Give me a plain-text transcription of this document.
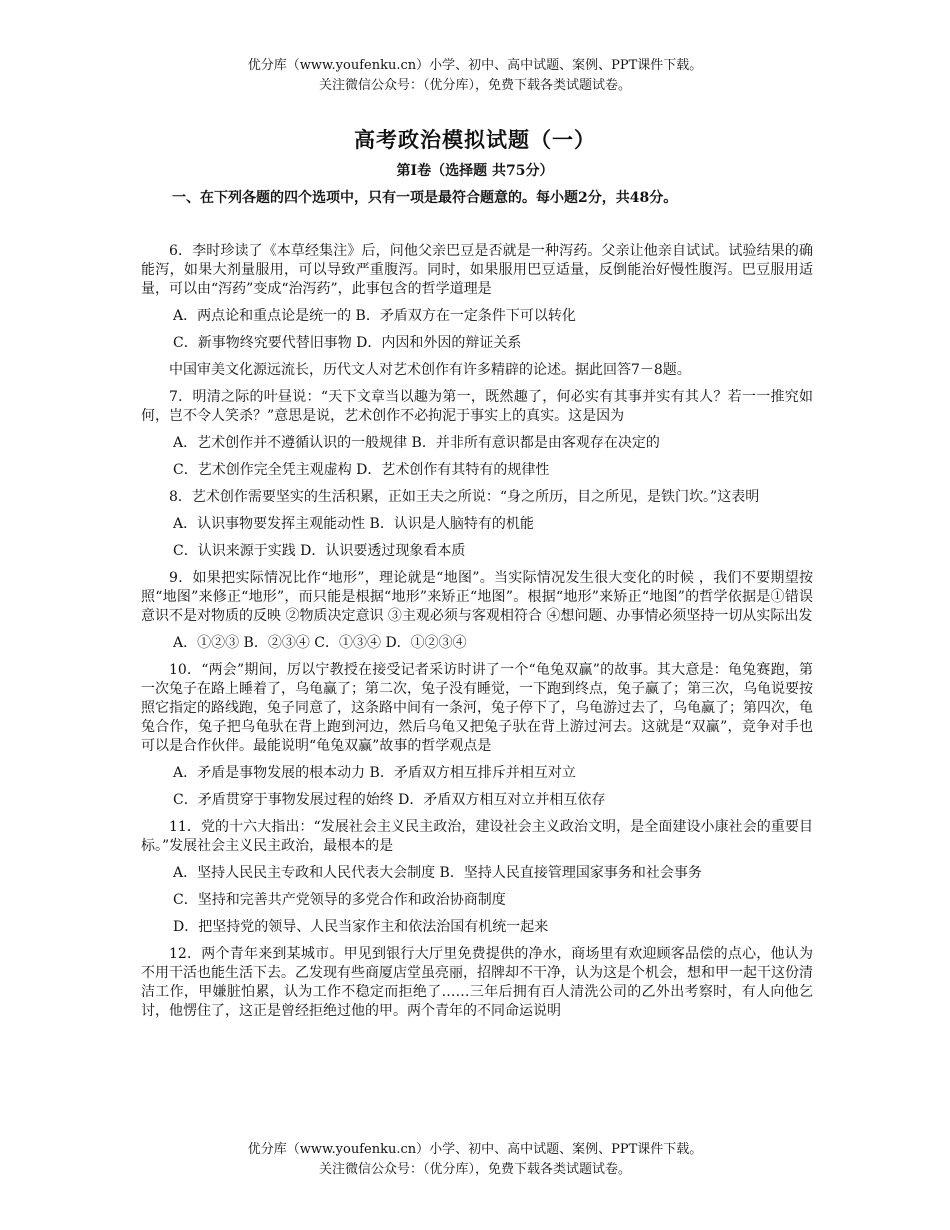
优分库（www.youfenku.cn）小学、初中、高中试题、案例、PPT课件下载。
关注微信公众号：（优分库），免费下载各类试题试卷。
高考政治模拟试题（一）
第Ⅰ卷（选择题 共75分）
一、在下列各题的四个选项中，只有一项是最符合题意的。每小题2分，共48分。

6．李时珍读了《本草经集注》后，问他父亲巴豆是否就是一种泻药。父亲让他亲自试试。试验结果的确能泻，如果大剂量服用，可以导致严重腹泻。同时，如果服用巴豆适量，反倒能治好慢性腹泻。巴豆服用适量，可以由“泻药”变成“治泻药”，此事包含的哲学道理是

A．两点论和重点论是统一的 B．矛盾双方在一定条件下可以转化

C．新事物终究要代替旧事物 D．内因和外因的辩证关系

中国审美文化源远流长，历代文人对艺术创作有许多精辟的论述。据此回答7－8题。

7．明清之际的叶昼说：“天下文章当以趣为第一，既然趣了，何必实有其事并实有其人？若一一推究如何，岂不令人笑杀？”意思是说，艺术创作不必拘泥于事实上的真实。这是因为

A．艺术创作并不遵循认识的一般规律 B．并非所有意识都是由客观存在决定的

C．艺术创作完全凭主观虚构 D．艺术创作有其特有的规律性

8．艺术创作需要坚实的生活积累，正如王夫之所说：“身之所历，目之所见，是铁门坎。”这表明

A．认识事物要发挥主观能动性 B．认识是人脑特有的机能

C．认识来源于实践 D．认识要透过现象看本质

9．如果把实际情况比作“地形”，理论就是“地图”。当实际情况发生很大变化的时候 ，我们不要期望按照“地图”来修正“地形”，而只能是根据“地形”来矫正“地图”。根据“地形”来矫正“地图”的哲学依据是①错误意识不是对物质的反映 ②物质决定意识 ③主观必须与客观相符合 ④想问题、办事情必须坚持一切从实际出发

A．①②③ B．②③④ C．①③④ D．①②③④

10．“两会”期间，厉以宁教授在接受记者采访时讲了一个“龟兔双赢”的故事。其大意是：龟兔赛跑，第一次兔子在路上睡着了，乌龟赢了；第二次，兔子没有睡觉，一下跑到终点，兔子赢了；第三次，乌龟说要按照它指定的路线跑，兔子同意了，这条路中间有一条河，兔子停下了，乌龟游过去了，乌龟赢了；第四次，龟兔合作，兔子把乌龟驮在背上跑到河边，然后乌龟又把兔子驮在背上游过河去。这就是“双赢”，竞争对手也可以是合作伙伴。最能说明“龟兔双赢”故事的哲学观点是

A．矛盾是事物发展的根本动力 B．矛盾双方相互排斥并相互对立

C．矛盾贯穿于事物发展过程的始终 D．矛盾双方相互对立并相互依存

11．党的十六大指出：“发展社会主义民主政治，建设社会主义政治文明，是全面建设小康社会的重要目标。”发展社会主义民主政治，最根本的是

A．坚持人民民主专政和人民代表大会制度 B．坚持人民直接管理国家事务和社会事务

C．坚持和完善共产党领导的多党合作和政治协商制度

D．把坚持党的领导、人民当家作主和依法治国有机统一起来

12．两个青年来到某城市。甲见到银行大厅里免费提供的净水，商场里有欢迎顾客品偿的点心，他认为不用干活也能生活下去。乙发现有些商厦店堂虽亮丽，招牌却不干净，认为这是个机会，想和甲一起干这份清洁工作，甲嫌脏怕累，认为工作不稳定而拒绝了……三年后拥有百人清洗公司的乙外出考察时，有人向他乞讨，他愣住了，这正是曾经拒绝过他的甲。两个青年的不同命运说明

优分库（www.youfenku.cn）小学、初中、高中试题、案例、PPT课件下载。
关注微信公众号：（优分库），免费下载各类试题试卷。
